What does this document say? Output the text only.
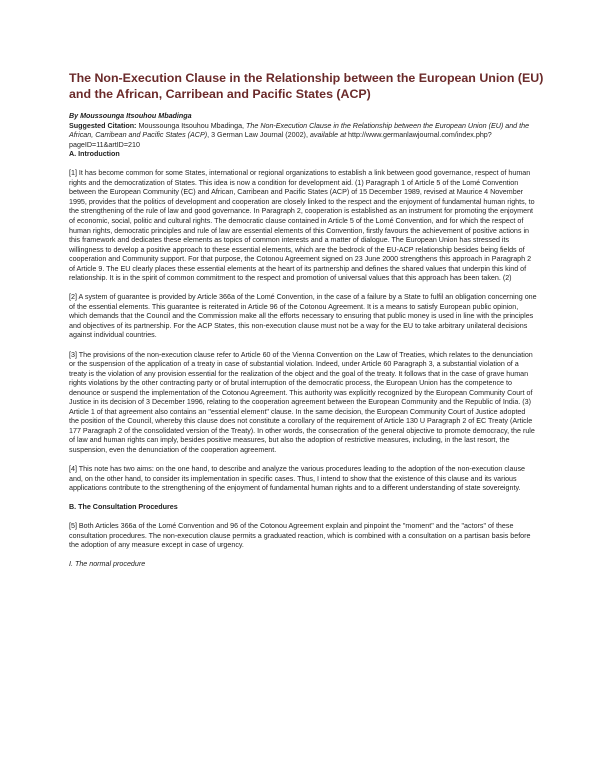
The Non-Execution Clause in the Relationship between the European Union (EU) and the African, Carribean and Pacific States (ACP)

By Moussounga Itsouhou Mbadinga

Suggested Citation: Moussounga Itsouhou Mbadinga, The Non-Execution Clause in the Relationship between the European Union (EU) and the African, Carribean and Pacific States (ACP), 3 German Law Journal (2002), available at http://www.germanlawjournal.com/index.php?pageID=11&artID=210

A. Introduction

[1] It has become common for some States, international or regional organizations to establish a link between good governance, respect of human rights and the democratization of States. This idea is now a condition for development aid. (1) Paragraph 1 of Article 5 of the Lomé Convention between the European Community (EC) and African, Carribean and Pacific States (ACP) of 15 December 1989, revised at Maurice 4 November 1995, provides that the politics of development and cooperation are closely linked to the respect and the enjoyment of fundamental human rights, to the strengthening of the rule of law and good governance. In Paragraph 2, cooperation is established as an instrument for promoting the enjoyment of economic, social, politic and cultural rights. The democratic clause contained in Article 5 of the Lomé Convention, and for which the respect of human rights, democratic principles and rule of law are essential elements of this Convention, firstly favours the achievement of positive actions in this framework and dedicates these elements as topics of common interests and a matter of dialogue. The European Union has stressed its willingness to develop a positive approach to these essential elements, which are the bedrock of the EU-ACP relationship besides being fields of cooperation and Community support. For that purpose, the Cotonou Agreement signed on 23 June 2000 strengthens this approach in Paragraph 2 of Article 9. The EU clearly places these essential elements at the heart of its partnership and defines the shared values that underpin this kind of relationship. It is in the spirit of common commitment to the respect and promotion of universal values that this approach has been taken. (2)

[2] A system of guarantee is provided by Article 366a of the Lomé Convention, in the case of a failure by a State to fulfil an obligation concerning one of the essential elements. This guarantee is reiterated in Article 96 of the Cotonou Agreement. It is a means to satisfy European public opinion, which demands that the Council and the Commission make all the efforts necessary to ensuring that public money is used in line with the principles and objectives of its partnership. For the ACP States, this non-execution clause must not be a way for the EU to take arbitrary unilateral decisions against individual countries.

[3] The provisions of the non-execution clause refer to Article 60 of the Vienna Convention on the Law of Treaties, which relates to the denunciation or the suspension of the application of a treaty in case of substantial violation. Indeed, under Article 60 Paragraph 3, a substantial violation of a treaty is the violation of any provision essential for the realization of the object and the goal of the treaty. It follows that in the case of grave human rights violations by the other contracting party or of brutal interruption of the democratic process, the European Union has the competence to denounce or suspend the implementation of the Cotonou Agreement. This authority was explicitly recognized by the European Community Court of Justice in its decision of 3 December 1996, relating to the cooperation agreement between the European Community and the Republic of India. (3) Article 1 of that agreement also contains an "essential element" clause. In the same decision, the European Community Court of Justice adopted the position of the Council, whereby this clause does not constitute a corollary of the requirement of Article 130 U Paragraph 2 of EC Treaty (Article 177 Paragraph 2 of the consolidated version of the Treaty). In other words, the consecration of the general objective to promote democracy, the rule of law and human rights can imply, besides positive measures, but also the adoption of restrictive measures, including, in the last resort, the suspension, even the denunciation of the cooperation agreement.

[4] This note has two aims: on the one hand, to describe and analyze the various procedures leading to the adoption of the non-execution clause and, on the other hand, to consider its implementation in specific cases. Thus, I intend to show that the existence of this clause and its various applications contribute to the strengthening of the enjoyment of fundamental human rights and to a different understanding of state sovereignty.

B. The Consultation Procedures

[5] Both Articles 366a of the Lomé Convention and 96 of the Cotonou Agreement explain and pinpoint the "moment" and the "actors" of these consultation procedures. The non-execution clause permits a graduated reaction, which is combined with a consultation on a partisan basis before the adoption of any measure except in case of urgency.

I. The normal procedure
